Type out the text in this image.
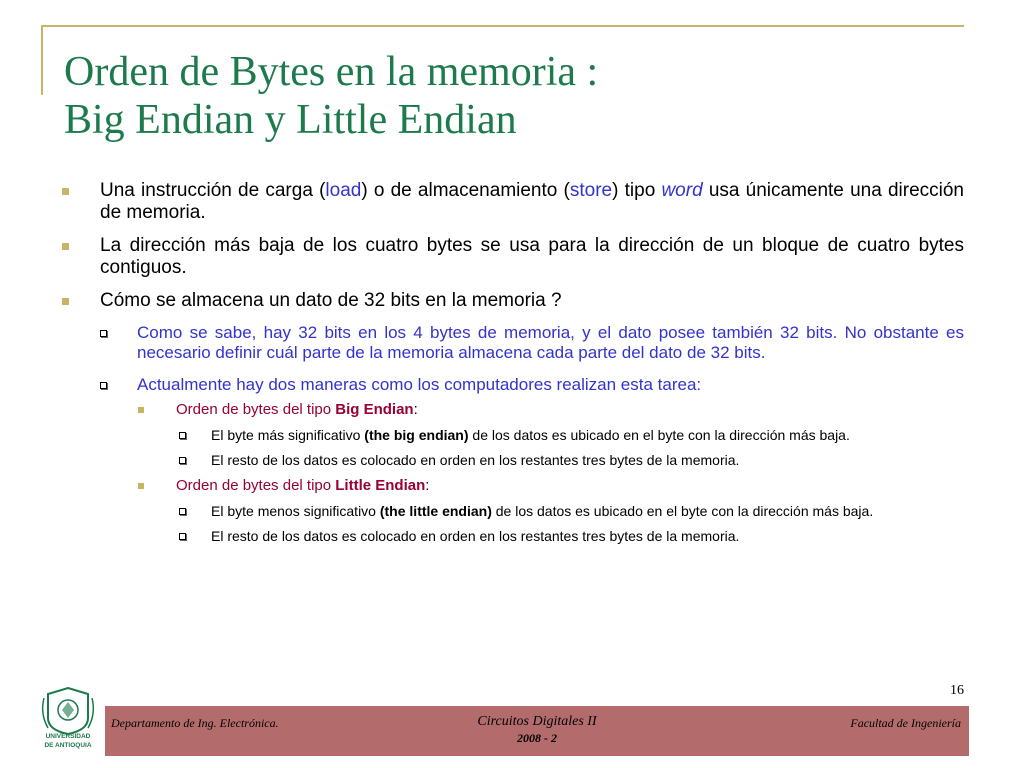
Orden de Bytes en la memoria :
Big Endian y Little Endian
Una instrucción de carga (load) o de almacenamiento (store) tipo word usa únicamente una dirección de memoria.
La dirección más baja de los cuatro bytes se usa para la dirección de un bloque de cuatro bytes contiguos.
Cómo se almacena un dato de 32 bits en la memoria ?
Como se sabe, hay 32 bits en los 4 bytes de memoria, y el dato posee también 32 bits. No obstante es necesario definir cuál parte de la memoria almacena cada parte del dato de 32 bits.
Actualmente hay dos maneras como los computadores realizan esta tarea:
Orden de bytes del tipo Big Endian:
El byte más significativo (the big endian) de los datos es ubicado en el byte con la dirección más baja.
El resto de los datos es colocado en orden en los restantes tres bytes de la memoria.
Orden de bytes del tipo Little Endian:
El byte menos significativo (the little endian) de los datos es ubicado en el byte con la dirección más baja.
El resto de los datos es colocado en orden en los restantes tres bytes de la memoria.
16
UNIVERSIDAD
DE ANTIOQUIA
Departamento de Ing. Electrónica.	Circuitos Digitales II
2008 - 2
Facultad de Ingeniería
